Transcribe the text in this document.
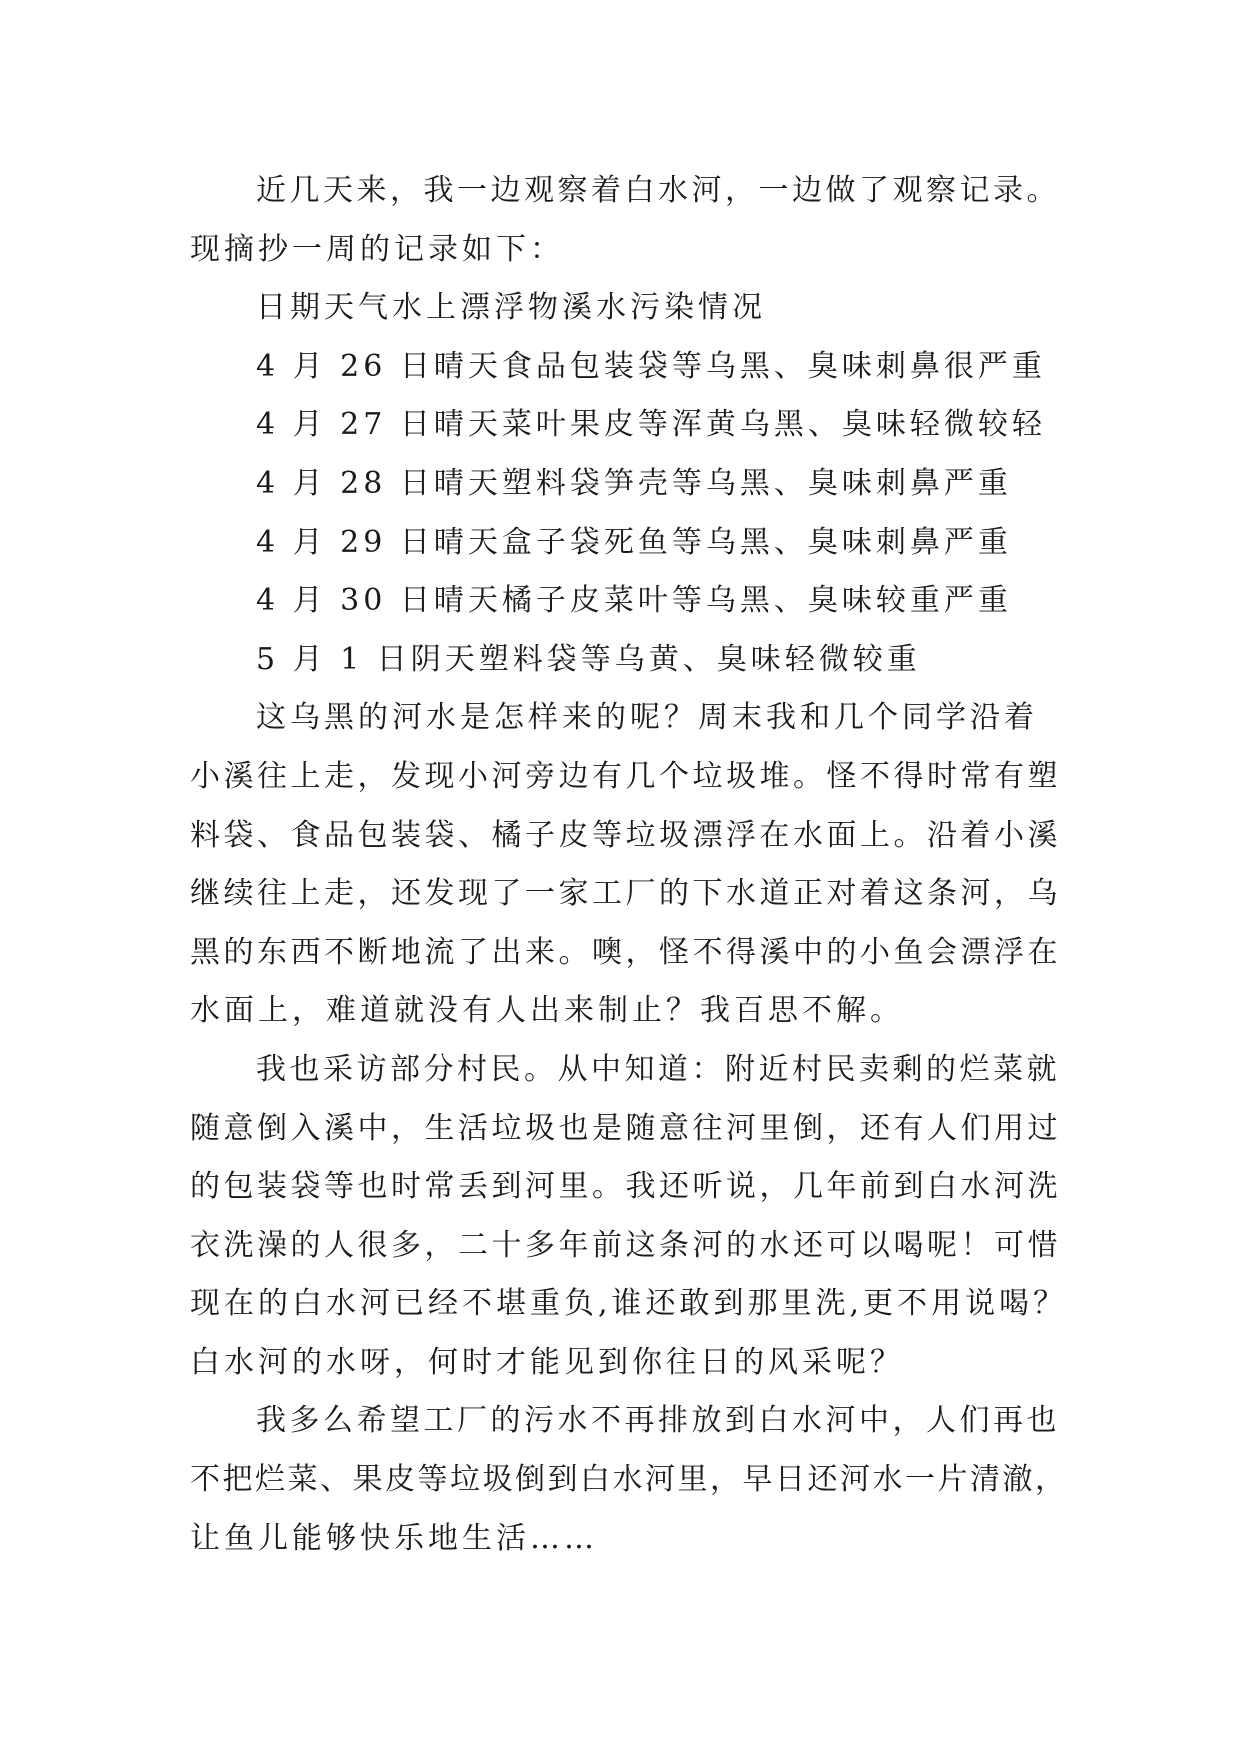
近几天来，我一边观察着白水河，一边做了观察记录。

现摘抄一周的记录如下：

日期天气水上漂浮物溪水污染情况

4 月 26 日晴天食品包装袋等乌黑、臭味刺鼻很严重

4 月 27 日晴天菜叶果皮等浑黄乌黑、臭味轻微较轻

4 月 28 日晴天塑料袋笋壳等乌黑、臭味刺鼻严重

4 月 29 日晴天盒子袋死鱼等乌黑、臭味刺鼻严重

4 月 30 日晴天橘子皮菜叶等乌黑、臭味较重严重

5 月 1 日阴天塑料袋等乌黄、臭味轻微较重

这乌黑的河水是怎样来的呢？周末我和几个同学沿着

小溪往上走，发现小河旁边有几个垃圾堆。怪不得时常有塑

料袋、食品包装袋、橘子皮等垃圾漂浮在水面上。沿着小溪

继续往上走，还发现了一家工厂的下水道正对着这条河，乌

黑的东西不断地流了出来。噢，怪不得溪中的小鱼会漂浮在

水面上，难道就没有人出来制止？我百思不解。

我也采访部分村民。从中知道：附近村民卖剩的烂菜就

随意倒入溪中，生活垃圾也是随意往河里倒，还有人们用过

的包装袋等也时常丢到河里。我还听说，几年前到白水河洗

衣洗澡的人很多，二十多年前这条河的水还可以喝呢！可惜

现在的白水河已经不堪重负,谁还敢到那里洗,更不用说喝？

白水河的水呀，何时才能见到你往日的风采呢？

我多么希望工厂的污水不再排放到白水河中，人们再也

不把烂菜、果皮等垃圾倒到白水河里，早日还河水一片清澈，

让鱼儿能够快乐地生活……
